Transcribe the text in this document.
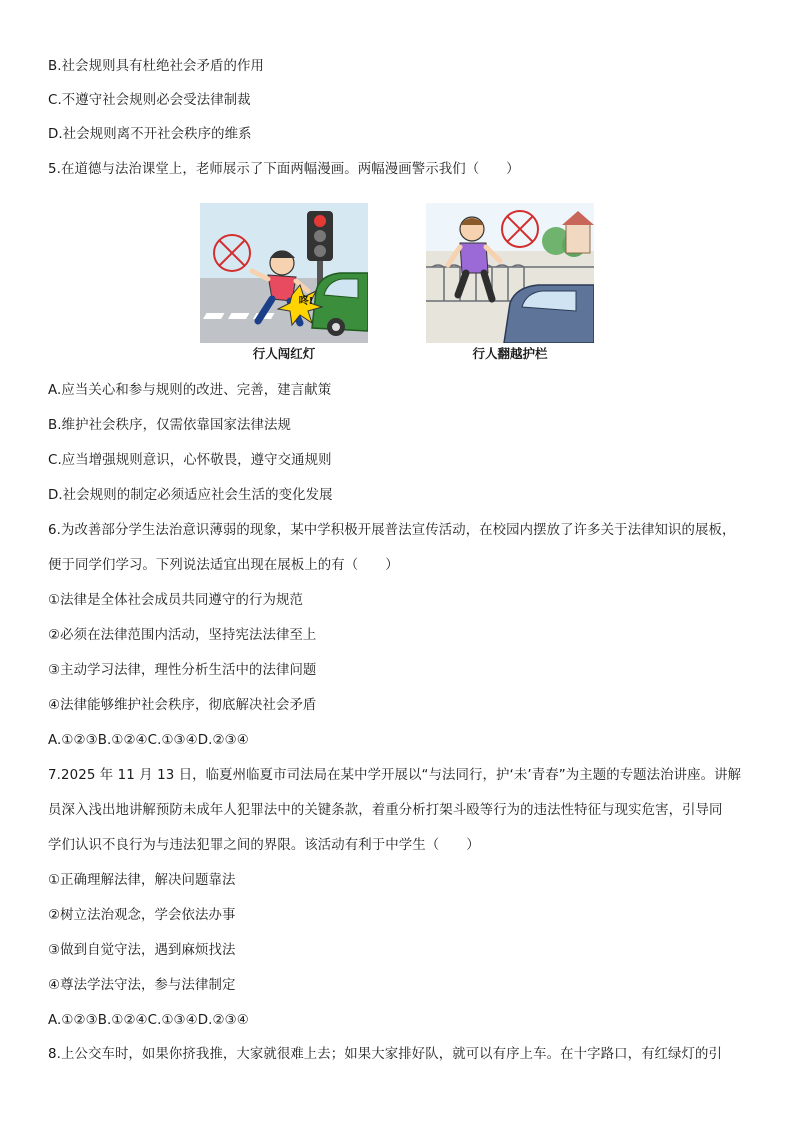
B.社会规则具有杜绝社会矛盾的作用
C.不遵守社会规则必会受法律制裁
D.社会规则离不开社会秩序的维系
5.在道德与法治课堂上，老师展示了下面两幅漫画。两幅漫画警示我们（　　）
咚!
行人闯红灯	行人翻越护栏
A.应当关心和参与规则的改进、完善，建言献策
B.维护社会秩序，仅需依靠国家法律法规
C.应当增强规则意识，心怀敬畏，遵守交通规则
D.社会规则的制定必须适应社会生活的变化发展
6.为改善部分学生法治意识薄弱的现象，某中学积极开展普法宣传活动，在校园内摆放了许多关于法律知识的展板，
便于同学们学习。下列说法适宜出现在展板上的有（　　）
①法律是全体社会成员共同遵守的行为规范
②必须在法律范围内活动，坚持宪法法律至上
③主动学习法律，理性分析生活中的法律问题
④法律能够维护社会秩序，彻底解决社会矛盾
A.①②③B.①②④C.①③④D.②③④
7.2025 年 11 月 13 日，临夏州临夏市司法局在某中学开展以“与法同行，护‘未’青春”为主题的专题法治讲座。讲解
员深入浅出地讲解预防未成年人犯罪法中的关键条款，着重分析打架斗殴等行为的违法性特征与现实危害，引导同
学们认识不良行为与违法犯罪之间的界限。该活动有利于中学生（　　）
①正确理解法律，解决问题靠法
②树立法治观念，学会依法办事
③做到自觉守法，遇到麻烦找法
④尊法学法守法，参与法律制定
A.①②③B.①②④C.①③④D.②③④
8.上公交车时，如果你挤我推，大家就很难上去；如果大家排好队，就可以有序上车。在十字路口，有红绿灯的引
